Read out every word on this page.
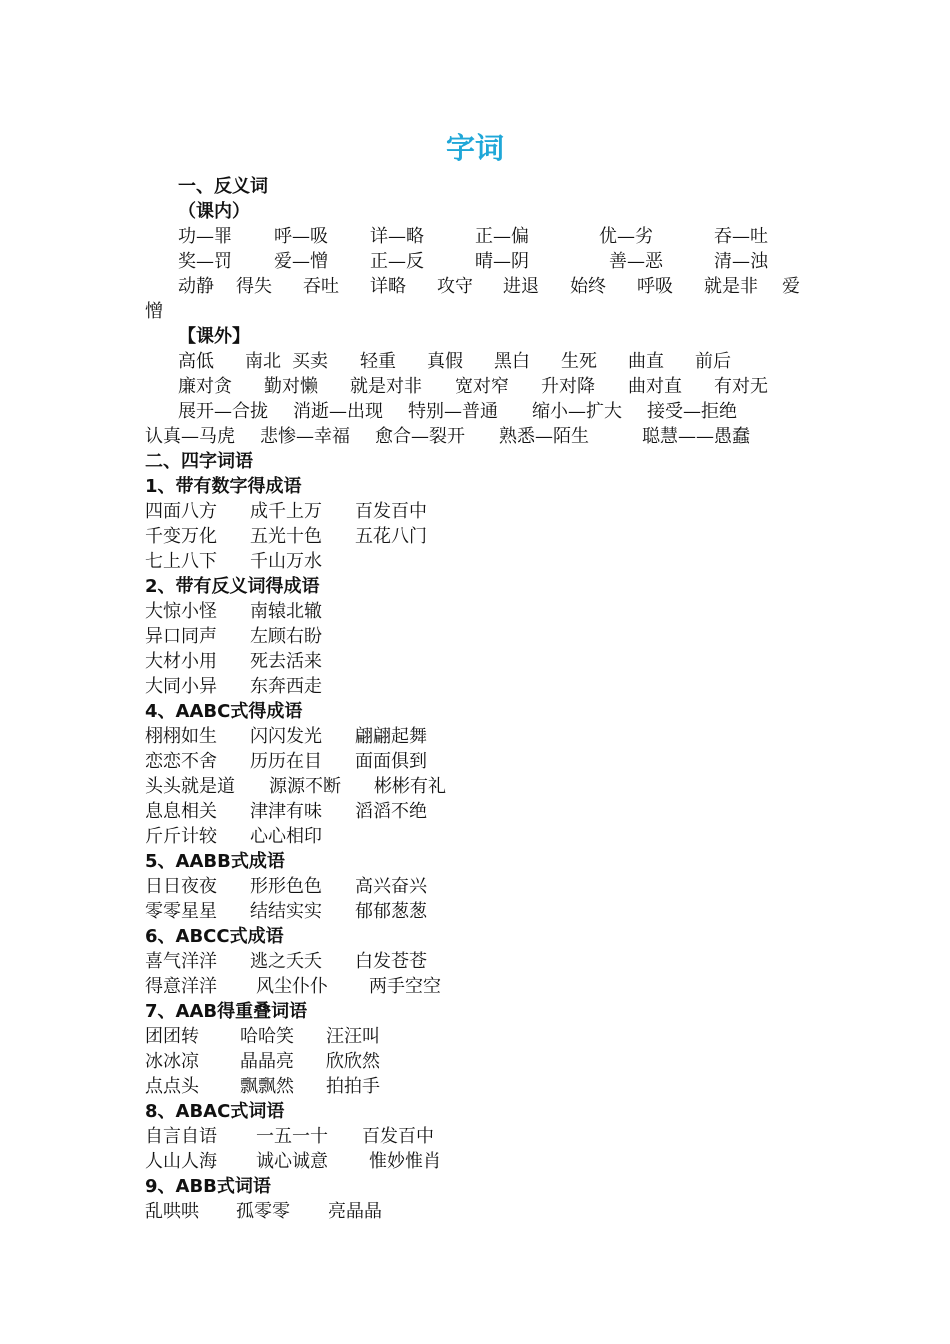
字词
一、反义词
（课内）
功—罪 呼—吸 详—略	正—偏	优—劣	吞—吐
奖—罚 爱—憎 正—反	晴—阴	善—恶	清—浊
动静 得失 吞吐 详略 攻守 进退 始终 呼吸 就是非 爱
憎
【课外】
高低 南北 买卖 轻重 真假 黑白 生死 曲直 前后
廉对贪 勤对懒 就是对非 宽对窄 升对降 曲对直 有对无
展开—合拢 消逝—出现 特别—普通 缩小—扩大 接受—拒绝
认真—马虎 悲惨—幸福 愈合—裂开 熟悉—陌生	聪慧——愚蠢
二、四字词语
1、带有数字得成语
四面八方 成千上万 百发百中
千变万化 五光十色 五花八门
七上八下 千山万水
2、带有反义词得成语
大惊小怪 南辕北辙
异口同声 左顾右盼
大材小用 死去活来
大同小异 东奔西走
4、AABC式得成语
栩栩如生 闪闪发光 翩翩起舞
恋恋不舍 历历在目 面面俱到
头头就是道 源源不断 彬彬有礼
息息相关 津津有味 滔滔不绝
斤斤计较 心心相印
5、AABB式成语
日日夜夜 形形色色 高兴奋兴
零零星星 结结实实 郁郁葱葱
6、ABCC式成语
喜气洋洋 逃之夭夭 白发苍苍
得意洋洋 风尘仆仆 两手空空
7、AAB得重叠词语
团团转 哈哈笑 汪汪叫
冰冰凉 晶晶亮 欣欣然
点点头 飘飘然 拍拍手
8、ABAC式词语
自言自语 一五一十 百发百中
人山人海 诚心诚意 惟妙惟肖
9、ABB式词语
乱哄哄 孤零零 亮晶晶
